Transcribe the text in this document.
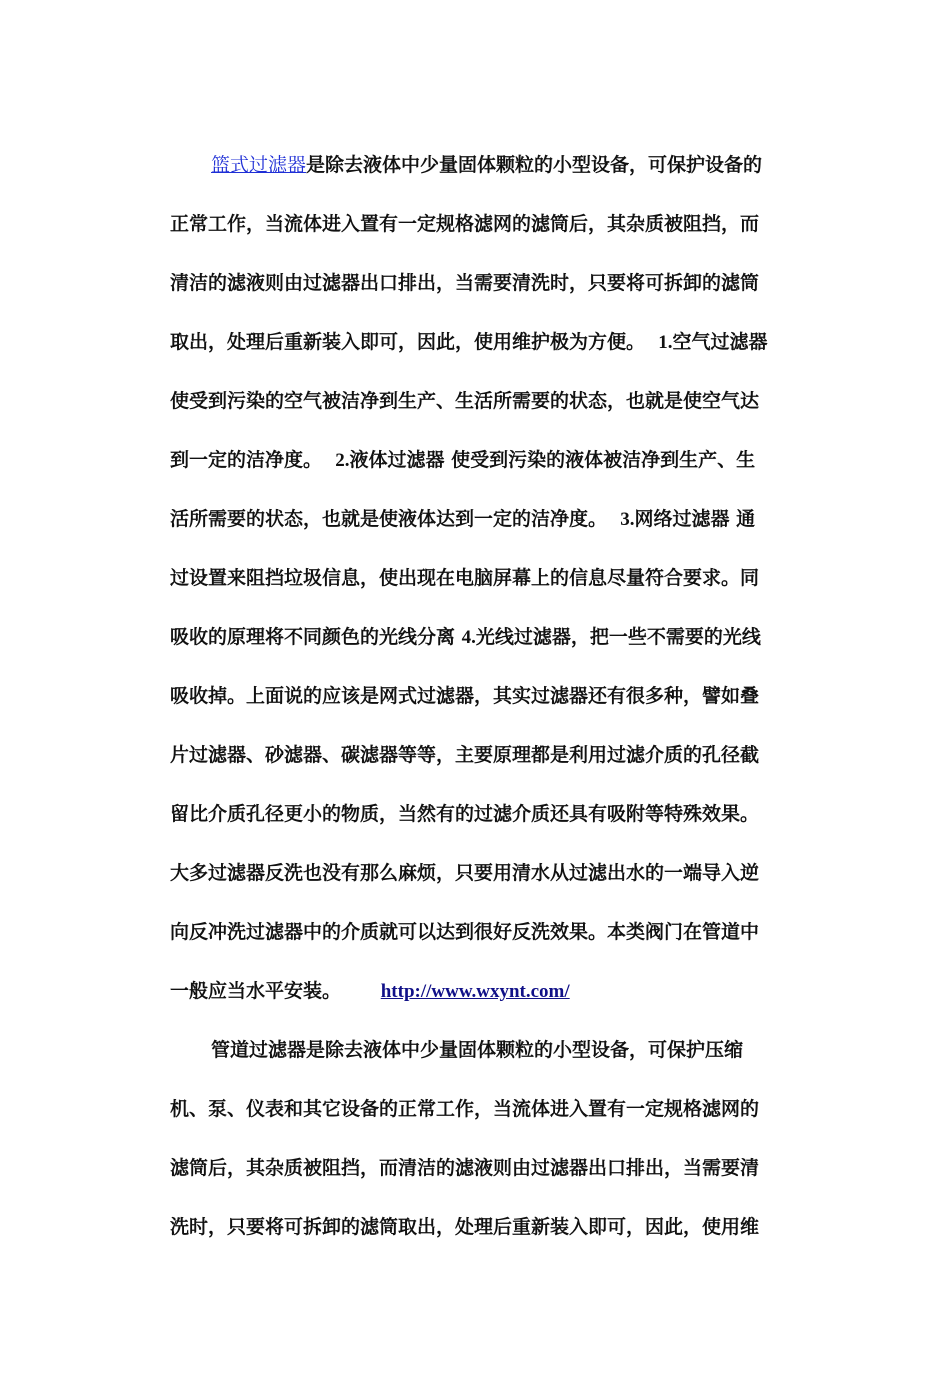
篮式过滤器是除去液体中少量固体颗粒的小型设备，可保护设备的
正常工作，当流体进入置有一定规格滤网的滤筒后，其杂质被阻挡，而
清洁的滤液则由过滤器出口排出，当需要清洗时，只要将可拆卸的滤筒
取出，处理后重新装入即可，因此，使用维护极为方便。 1.空气过滤器
使受到污染的空气被洁净到生产、生活所需要的状态，也就是使空气达
到一定的洁净度。 2.液体过滤器 使受到污染的液体被洁净到生产、生
活所需要的状态，也就是使液体达到一定的洁净度。 3.网络过滤器 通
过设置来阻挡垃圾信息，使出现在电脑屏幕上的信息尽量符合要求。同
吸收的原理将不同颜色的光线分离 4.光线过滤器，把一些不需要的光线
吸收掉。上面说的应该是网式过滤器，其实过滤器还有很多种，譬如叠
片过滤器、砂滤器、碳滤器等等，主要原理都是利用过滤介质的孔径截
留比介质孔径更小的物质，当然有的过滤介质还具有吸附等特殊效果。
大多过滤器反洗也没有那么麻烦，只要用清水从过滤出水的一端导入逆
向反冲洗过滤器中的介质就可以达到很好反洗效果。本类阀门在管道中
一般应当水平安装。 http://www.wxynt.com/
管道过滤器是除去液体中少量固体颗粒的小型设备，可保护压缩
机、泵、仪表和其它设备的正常工作，当流体进入置有一定规格滤网的
滤筒后，其杂质被阻挡，而清洁的滤液则由过滤器出口排出，当需要清
洗时，只要将可拆卸的滤筒取出，处理后重新装入即可，因此，使用维
